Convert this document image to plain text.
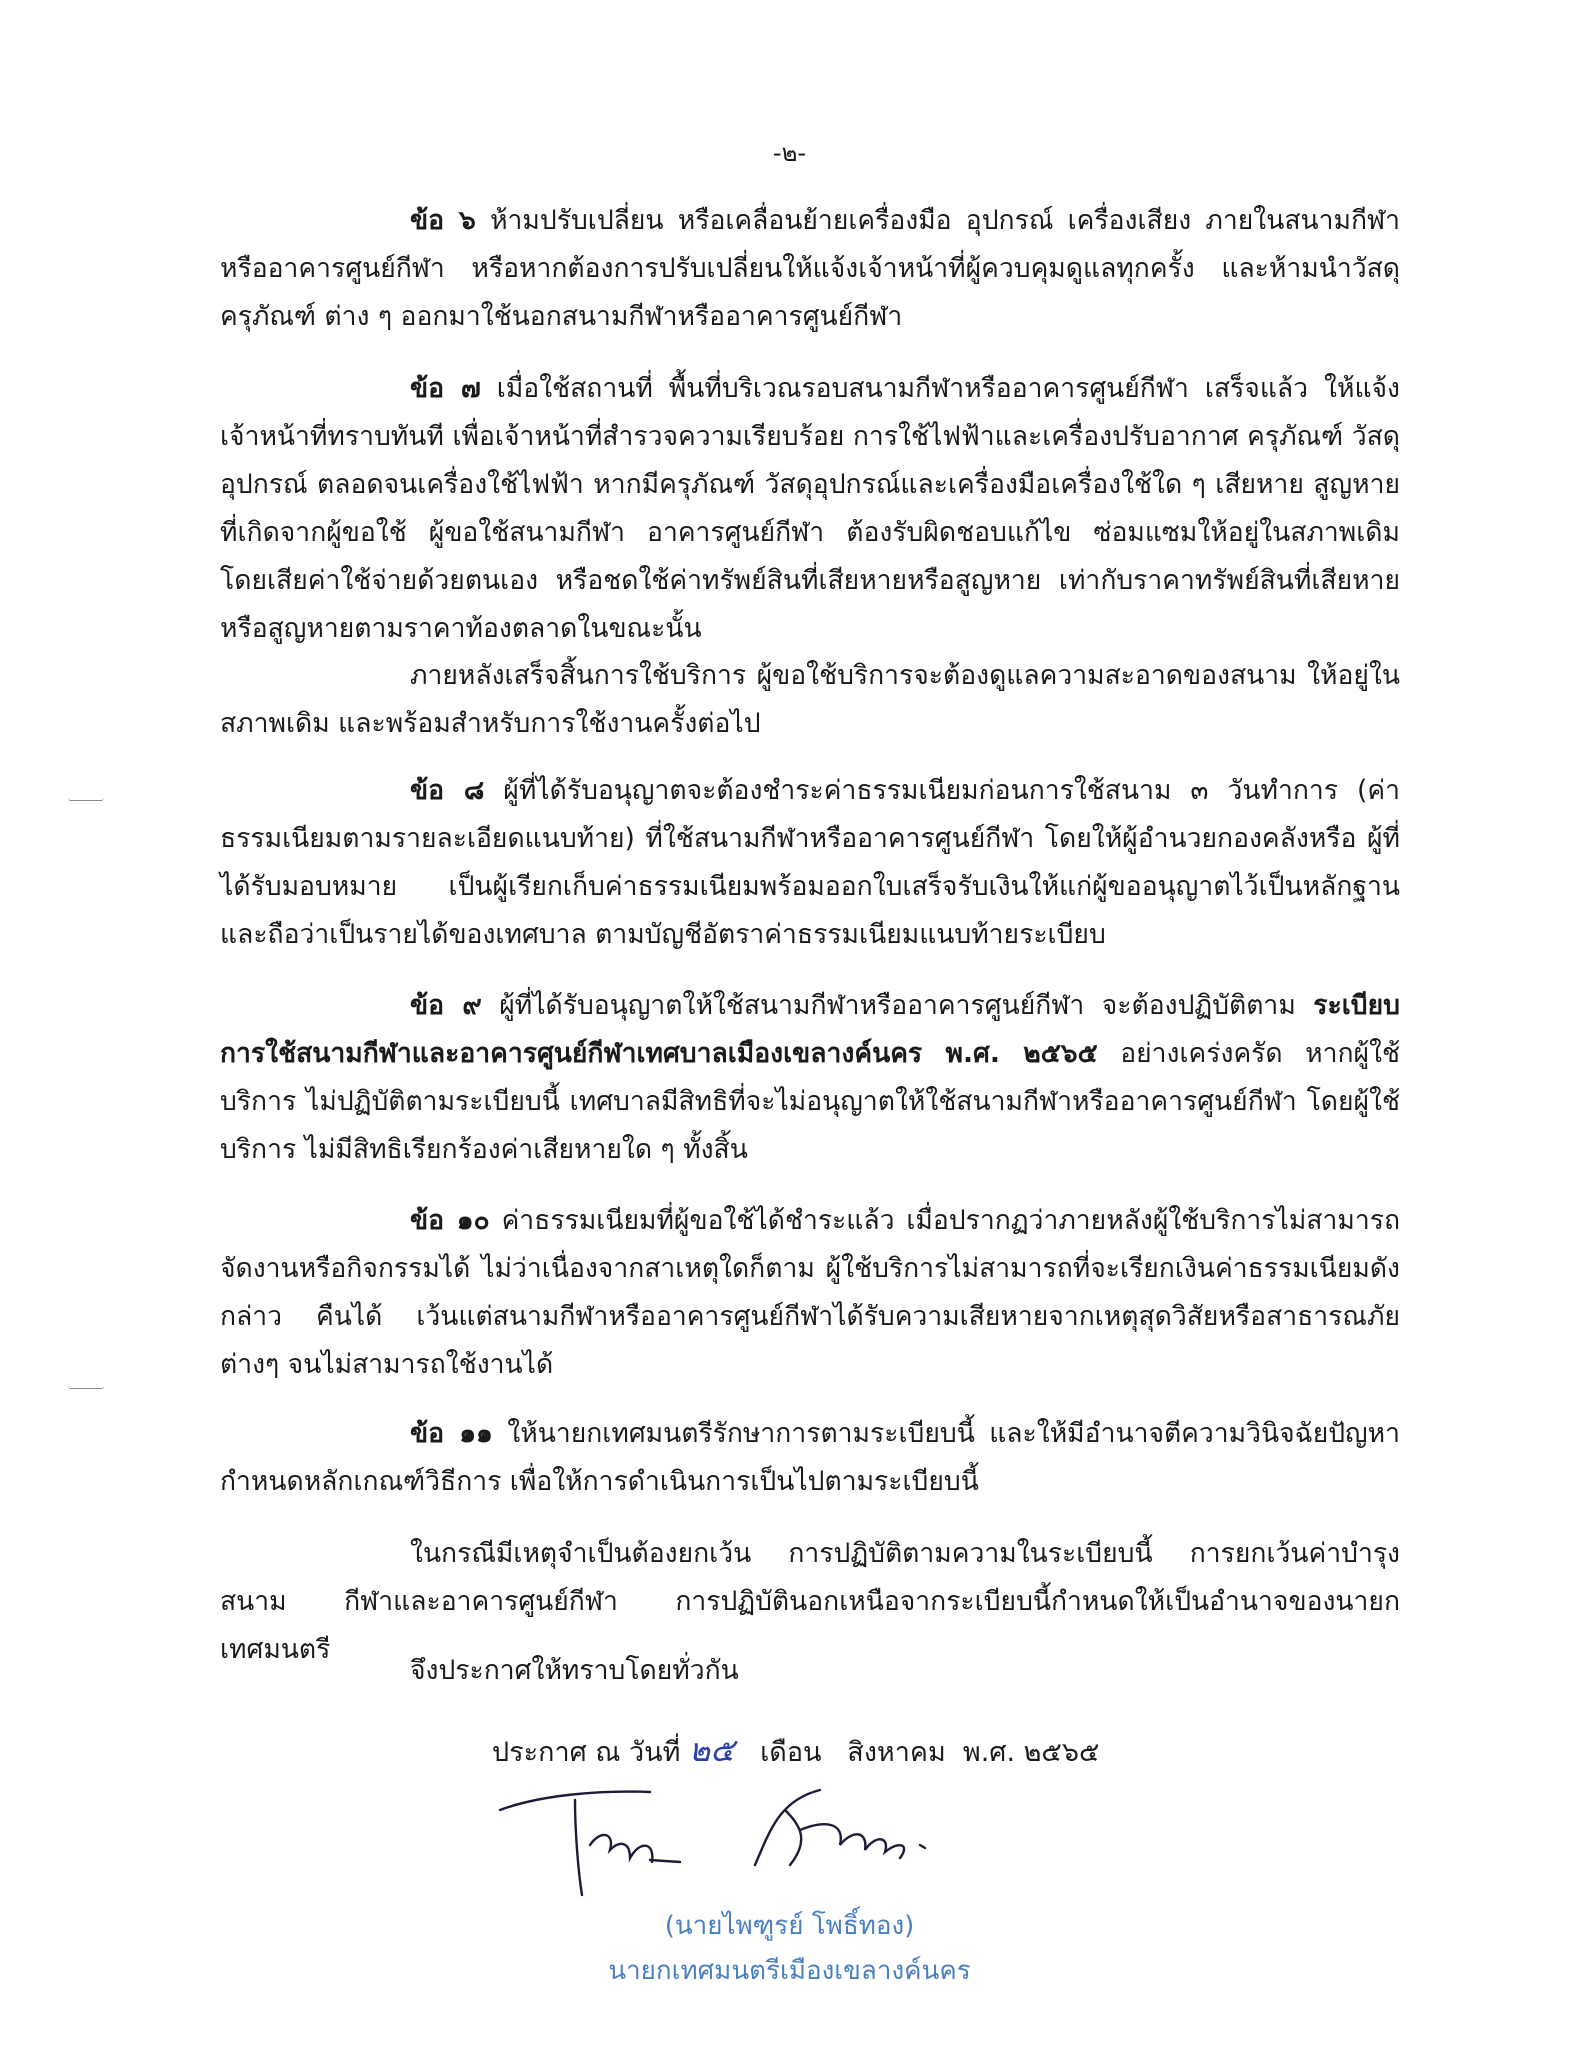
-๒-
ข้อ ๖ ห้ามปรับเปลี่ยน หรือเคลื่อนย้ายเครื่องมือ อุปกรณ์ เครื่องเสียง ภายในสนามกีฬาหรืออาคารศูนย์กีฬา หรือหากต้องการปรับเปลี่ยนให้แจ้งเจ้าหน้าที่ผู้ควบคุมดูแลทุกครั้ง และห้ามนำวัสดุ ครุภัณฑ์ ต่าง ๆ ออกมาใช้นอกสนามกีฬาหรืออาคารศูนย์กีฬา
ข้อ ๗ เมื่อใช้สถานที่ พื้นที่บริเวณรอบสนามกีฬาหรืออาคารศูนย์กีฬา เสร็จแล้ว ให้แจ้งเจ้าหน้าที่ทราบทันที เพื่อเจ้าหน้าที่สำรวจความเรียบร้อย การใช้ไฟฟ้าและเครื่องปรับอากาศ ครุภัณฑ์ วัสดุ อุปกรณ์ ตลอดจนเครื่องใช้ไฟฟ้า หากมีครุภัณฑ์ วัสดุอุปกรณ์และเครื่องมือเครื่องใช้ใด ๆ เสียหาย สูญหาย ที่เกิดจากผู้ขอใช้ ผู้ขอใช้สนามกีฬา อาคารศูนย์กีฬา ต้องรับผิดชอบแก้ไข ซ่อมแซมให้อยู่ในสภาพเดิม โดยเสียค่าใช้จ่ายด้วยตนเอง หรือชดใช้ค่าทรัพย์สินที่เสียหายหรือสูญหาย เท่ากับราคาทรัพย์สินที่เสียหาย หรือสูญหายตามราคาท้องตลาดในขณะนั้น
ภายหลังเสร็จสิ้นการใช้บริการ ผู้ขอใช้บริการจะต้องดูแลความสะอาดของสนาม ให้อยู่ในสภาพเดิม และพร้อมสำหรับการใช้งานครั้งต่อไป
ข้อ ๘ ผู้ที่ได้รับอนุญาตจะต้องชำระค่าธรรมเนียมก่อนการใช้สนาม ๓ วันทำการ (ค่าธรรมเนียมตามรายละเอียดแนบท้าย) ที่ใช้สนามกีฬาหรืออาคารศูนย์กีฬา โดยให้ผู้อำนวยกองคลังหรือ ผู้ที่ได้รับมอบหมาย เป็นผู้เรียกเก็บค่าธรรมเนียมพร้อมออกใบเสร็จรับเงินให้แก่ผู้ขออนุญาตไว้เป็นหลักฐาน และถือว่าเป็นรายได้ของเทศบาล ตามบัญชีอัตราค่าธรรมเนียมแนบท้ายระเบียบ
ข้อ ๙ ผู้ที่ได้รับอนุญาตให้ใช้สนามกีฬาหรืออาคารศูนย์กีฬา จะต้องปฏิบัติตาม ระเบียบการใช้สนามกีฬาและอาคารศูนย์กีฬาเทศบาลเมืองเขลางค์นคร พ.ศ. ๒๕๖๕ อย่างเคร่งครัด หากผู้ใช้บริการ ไม่ปฏิบัติตามระเบียบนี้ เทศบาลมีสิทธิที่จะไม่อนุญาตให้ใช้สนามกีฬาหรืออาคารศูนย์กีฬา โดยผู้ใช้บริการ ไม่มีสิทธิเรียกร้องค่าเสียหายใด ๆ ทั้งสิ้น
ข้อ ๑๐ ค่าธรรมเนียมที่ผู้ขอใช้ได้ชำระแล้ว เมื่อปรากฏว่าภายหลังผู้ใช้บริการไม่สามารถ จัดงานหรือกิจกรรมได้ ไม่ว่าเนื่องจากสาเหตุใดก็ตาม ผู้ใช้บริการไม่สามารถที่จะเรียกเงินค่าธรรมเนียมดังกล่าว คืนได้ เว้นแต่สนามกีฬาหรืออาคารศูนย์กีฬาได้รับความเสียหายจากเหตุสุดวิสัยหรือสาธารณภัยต่างๆ จนไม่สามารถใช้งานได้
ข้อ ๑๑ ให้นายกเทศมนตรีรักษาการตามระเบียบนี้ และให้มีอำนาจตีความวินิจฉัยปัญหา กำหนดหลักเกณฑ์วิธีการ เพื่อให้การดำเนินการเป็นไปตามระเบียบนี้
ในกรณีมีเหตุจำเป็นต้องยกเว้น การปฏิบัติตามความในระเบียบนี้ การยกเว้นค่าบำรุงสนาม กีฬาและอาคารศูนย์กีฬา การปฏิบัตินอกเหนือจากระเบียบนี้กำหนดให้เป็นอำนาจของนายกเทศมนตรี
จึงประกาศให้ทราบโดยทั่วกัน
ประกาศ ณ วันที่ ๒๕ เดือน สิงหาคม พ.ศ. ๒๕๖๕
(นายไพฑูรย์ โพธิ์ทอง)
นายกเทศมนตรีเมืองเขลางค์นคร
